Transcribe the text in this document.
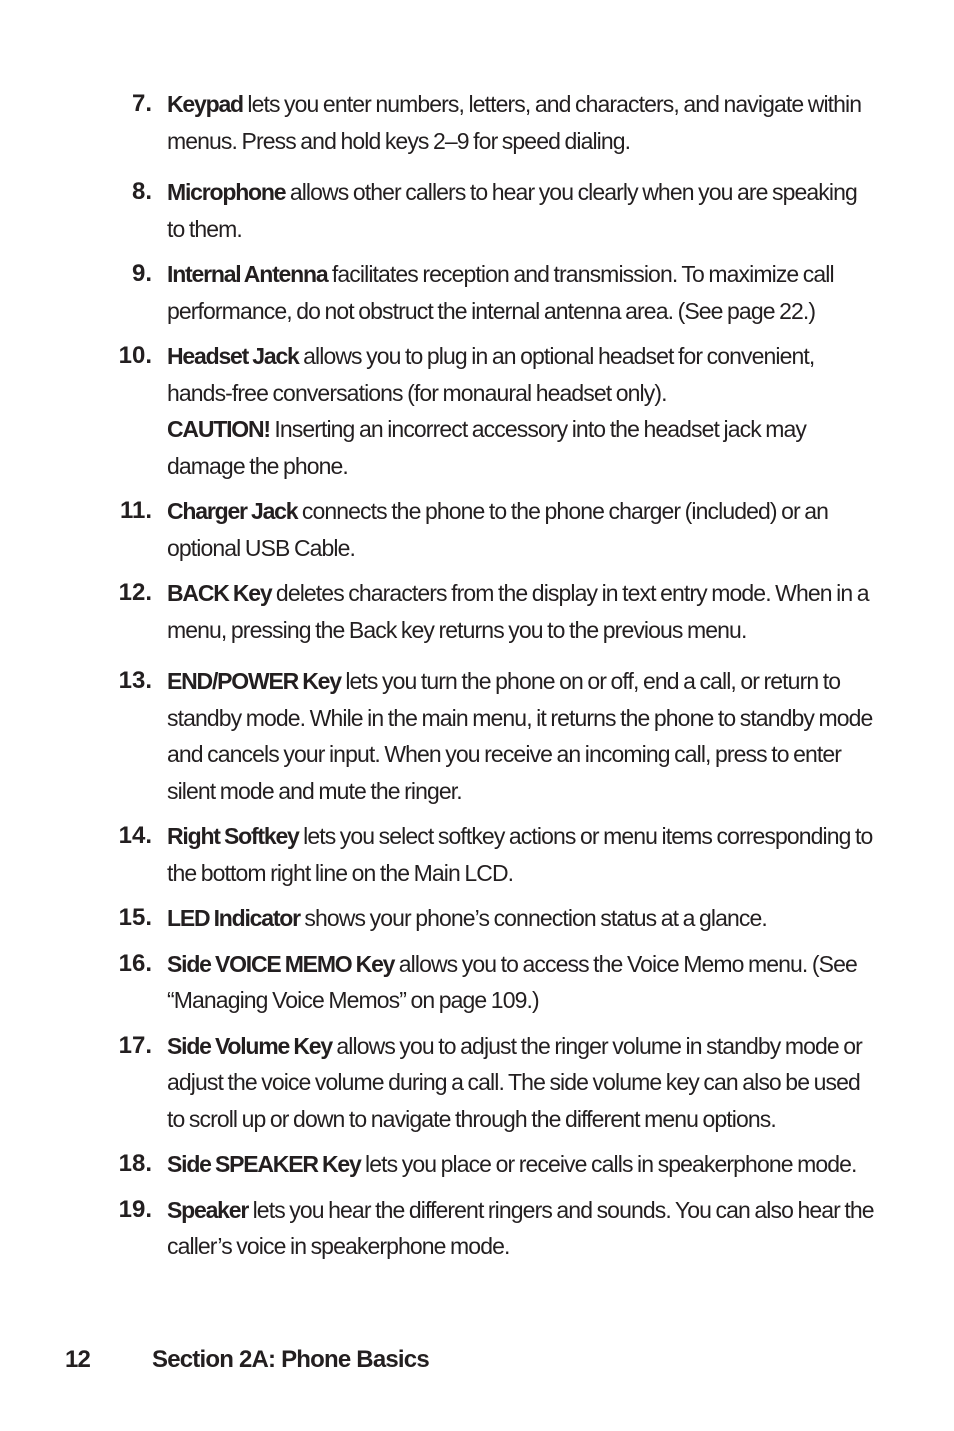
7. Keypad lets you enter numbers, letters, and characters, and navigate within menus. Press and hold keys 2–9 for speed dialing.
8. Microphone allows other callers to hear you clearly when you are speaking to them.
9. Internal Antenna facilitates reception and transmission. To maximize call performance, do not obstruct the internal antenna area. (See page 22.)
10. Headset Jack allows you to plug in an optional headset for convenient, hands-free conversations (for monaural headset only).
CAUTION! Inserting an incorrect accessory into the headset jack may damage the phone.
11. Charger Jack connects the phone to the phone charger (included) or an optional USB Cable.
12. BACK Key deletes characters from the display in text entry mode. When in a menu, pressing the Back key returns you to the previous menu.
13. END/POWER Key lets you turn the phone on or off, end a call, or return to standby mode. While in the main menu, it returns the phone to standby mode and cancels your input. When you receive an incoming call, press to enter silent mode and mute the ringer.
14. Right Softkey lets you select softkey actions or menu items corresponding to the bottom right line on the Main LCD.
15. LED Indicator shows your phone’s connection status at a glance.
16. Side VOICE MEMO Key allows you to access the Voice Memo menu. (See “Managing Voice Memos” on page 109.)
17. Side Volume Key allows you to adjust the ringer volume in standby mode or adjust the voice volume during a call. The side volume key can also be used to scroll up or down to navigate through the different menu options.
18. Side SPEAKER Key lets you place or receive calls in speakerphone mode.
19. Speaker lets you hear the different ringers and sounds. You can also hear the caller’s voice in speakerphone mode.
12	Section 2A: Phone Basics
